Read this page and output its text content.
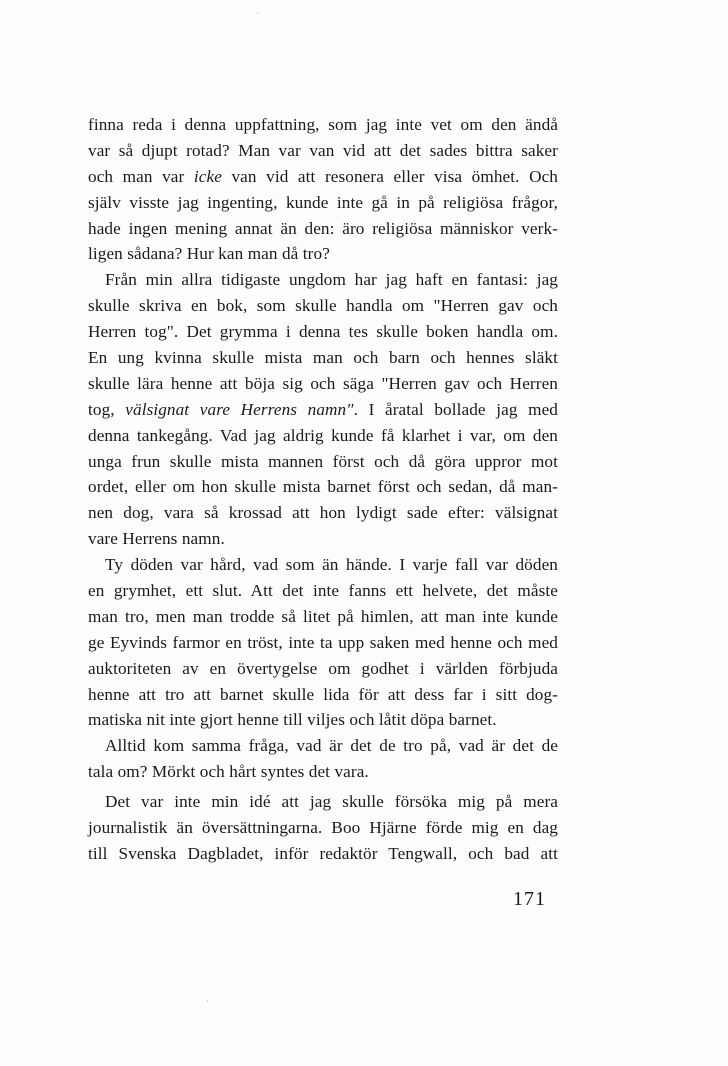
finna reda i denna uppfattning, som jag inte vet om den ändå
var så djupt rotad? Man var van vid att det sades bittra saker
och man var icke van vid att resonera eller visa ömhet. Och
själv visste jag ingenting, kunde inte gå in på religiösa frågor,
hade ingen mening annat än den: äro religiösa människor verk-
ligen sådana? Hur kan man då tro?
Från min allra tidigaste ungdom har jag haft en fantasi: jag
skulle skriva en bok, som skulle handla om "Herren gav och
Herren tog". Det grymma i denna tes skulle boken handla om.
En ung kvinna skulle mista man och barn och hennes släkt
skulle lära henne att böja sig och säga "Herren gav och Herren
tog, välsignat vare Herrens namn". I åratal bollade jag med
denna tankegång. Vad jag aldrig kunde få klarhet i var, om den
unga frun skulle mista mannen först och då göra uppror mot
ordet, eller om hon skulle mista barnet först och sedan, då man-
nen dog, vara så krossad att hon lydigt sade efter: välsignat
vare Herrens namn.
Ty döden var hård, vad som än hände. I varje fall var döden
en grymhet, ett slut. Att det inte fanns ett helvete, det måste
man tro, men man trodde så litet på himlen, att man inte kunde
ge Eyvinds farmor en tröst, inte ta upp saken med henne och med
auktoriteten av en övertygelse om godhet i världen förbjuda
henne att tro att barnet skulle lida för att dess far i sitt dog-
matiska nit inte gjort henne till viljes och låtit döpa barnet.
Alltid kom samma fråga, vad är det de tro på, vad är det de
tala om? Mörkt och hårt syntes det vara.
Det var inte min idé att jag skulle försöka mig på mera
journalistik än översättningarna. Boo Hjärne förde mig en dag
till Svenska Dagbladet, inför redaktör Tengwall, och bad att
171
